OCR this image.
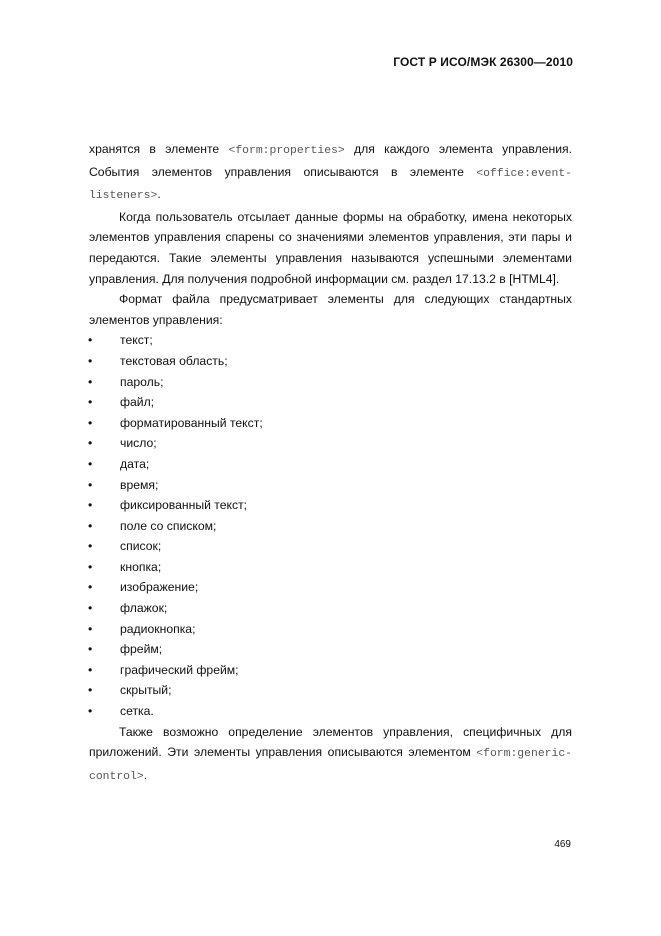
ГОСТ Р ИСО/МЭК 26300—2010

хранятся в элементе <form:properties> для каждого элемента управления. События элементов управления описываются в элементе <office:event-listeners>.

Когда пользователь отсылает данные формы на обработку, имена некоторых элементов управления спарены со значениями элементов управления, эти пары и передаются. Такие элементы управления называются успешными элементами управления. Для получения подробной информации см. раздел 17.13.2 в [HTML4].

Формат файла предусматривает элементы для следующих стандартных элементов управления:

• текст;
• текстовая область;
• пароль;
• файл;
• форматированный текст;
• число;
• дата;
• время;
• фиксированный текст;
• поле со списком;
• список;
• кнопка;
• изображение;
• флажок;
• радиокнопка;
• фрейм;
• графический фрейм;
• скрытый;
• сетка.

Также возможно определение элементов управления, специфичных для приложений. Эти элементы управления описываются элементом <form:generic-control>.

469
